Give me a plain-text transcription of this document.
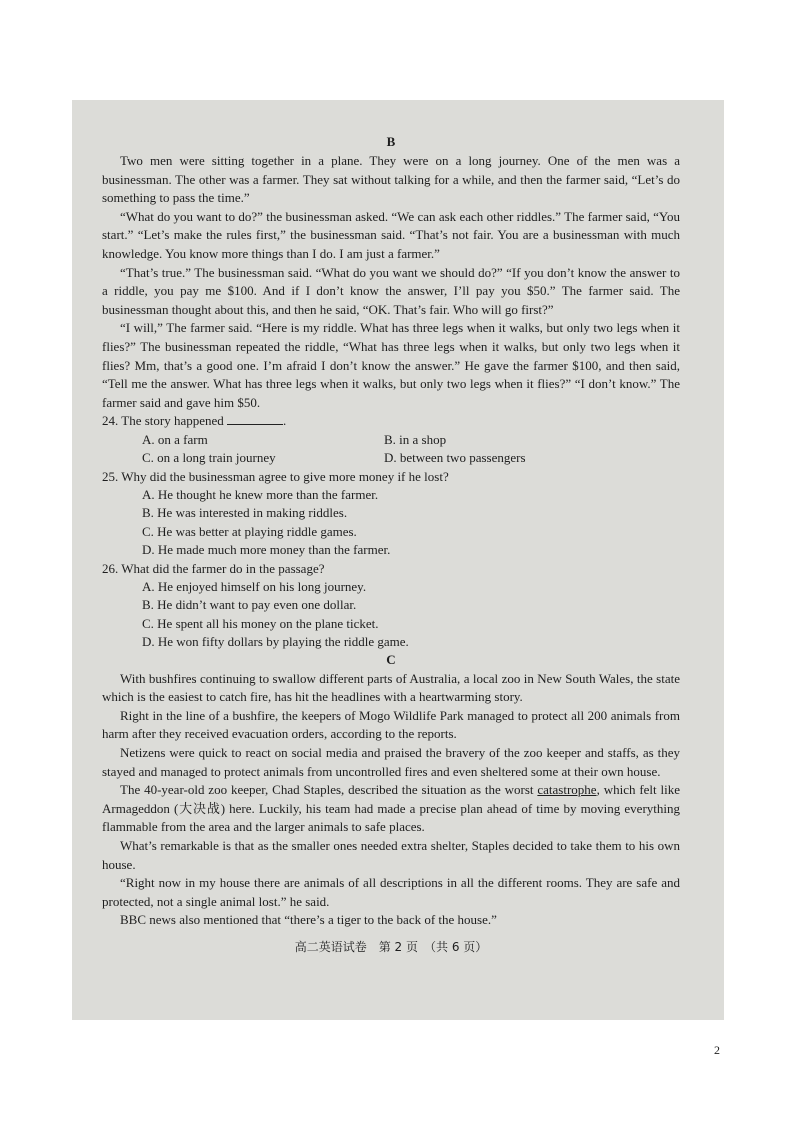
B

Two men were sitting together in a plane. They were on a long journey. One of the men was a businessman. The other was a farmer. They sat without talking for a while, and then the farmer said, “Let’s do something to pass the time.”

“What do you want to do?” the businessman asked. “We can ask each other riddles.” The farmer said, “You start.” “Let’s make the rules first,” the businessman said. “That’s not fair. You are a businessman with much knowledge. You know more things than I do. I am just a farmer.”

“That’s true.” The businessman said. “What do you want we should do?” “If you don’t know the answer to a riddle, you pay me $100. And if I don’t know the answer, I’ll pay you $50.” The farmer said. The businessman thought about this, and then he said, “OK. That’s fair. Who will go first?”

“I will,” The farmer said. “Here is my riddle. What has three legs when it walks, but only two legs when it flies?” The businessman repeated the riddle, “What has three legs when it walks, but only two legs when it flies? Mm, that’s a good one. I’m afraid I don’t know the answer.” He gave the farmer $100, and then said, “Tell me the answer. What has three legs when it walks, but only two legs when it flies?” “I don’t know.” The farmer said and gave him $50.

24. The story happened	.
A. on a farm	B. in a shop
C. on a long train journey	D. between two passengers
25. Why did the businessman agree to give more money if he lost?
A. He thought he knew more than the farmer.
B. He was interested in making riddles.
C. He was better at playing riddle games.
D. He made much more money than the farmer.
26. What did the farmer do in the passage?
A. He enjoyed himself on his long journey.
B. He didn’t want to pay even one dollar.
C. He spent all his money on the plane ticket.
D. He won fifty dollars by playing the riddle game.
C

With bushfires continuing to swallow different parts of Australia, a local zoo in New South Wales, the state which is the easiest to catch fire, has hit the headlines with a heartwarming story.

Right in the line of a bushfire, the keepers of Mogo Wildlife Park managed to protect all 200 animals from harm after they received evacuation orders, according to the reports.

Netizens were quick to react on social media and praised the bravery of the zoo keeper and staffs, as they stayed and managed to protect animals from uncontrolled fires and even sheltered some at their own house.

The 40-year-old zoo keeper, Chad Staples, described the situation as the worst catastrophe, which felt like Armageddon (大决战) here. Luckily, his team had made a precise plan ahead of time by moving everything flammable from the area and the larger animals to safe places.

What’s remarkable is that as the smaller ones needed extra shelter, Staples decided to take them to his own house.

“Right now in my house there are animals of all descriptions in all the different rooms. They are safe and protected, not a single animal lost.” he said.

BBC news also mentioned that “there’s a tiger to the back of the house.”

高二英语试卷　第 2 页　（共 6 页）
2
